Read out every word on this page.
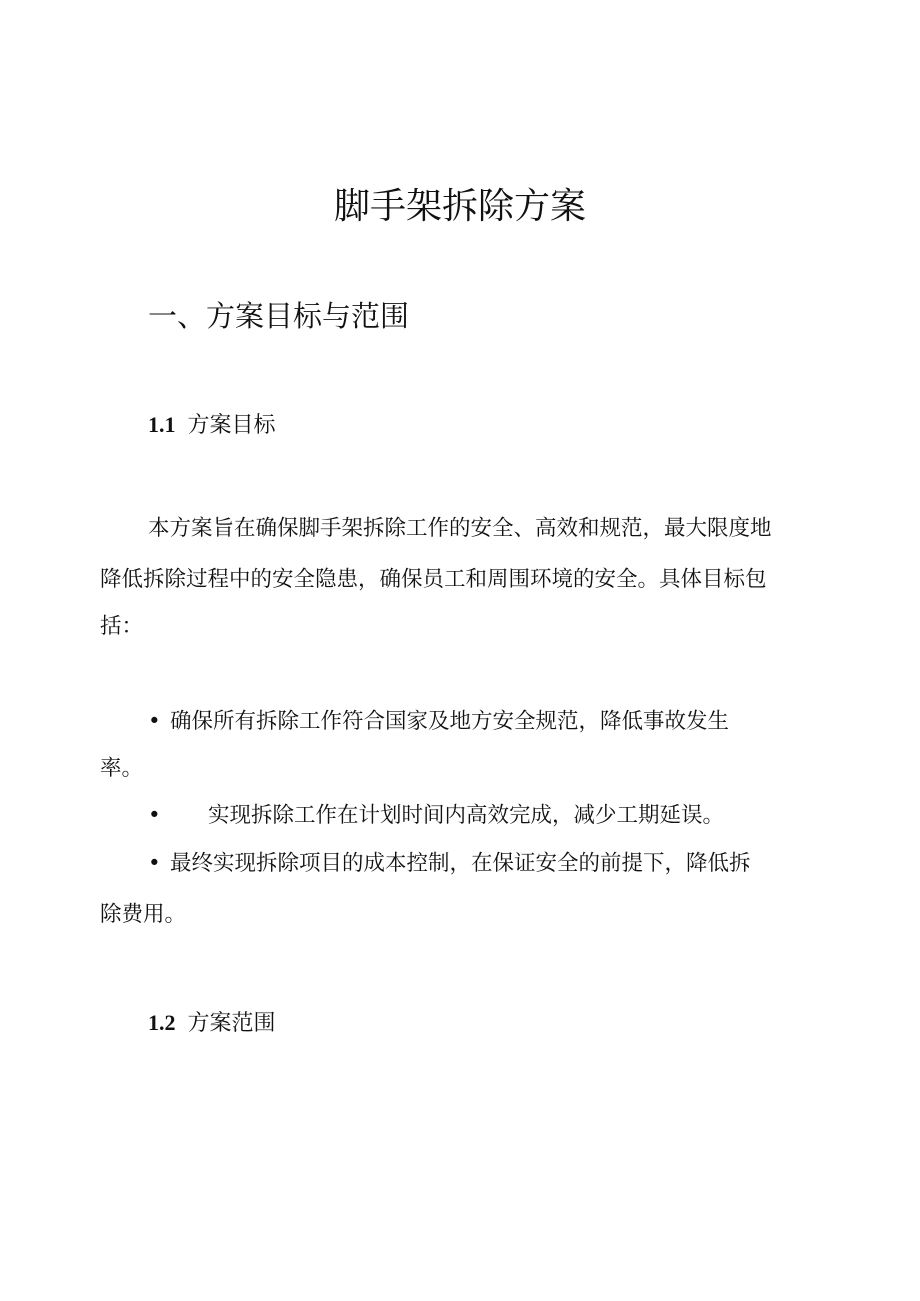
脚手架拆除方案
一、方案目标与范围
1.1 方案目标
本方案旨在确保脚手架拆除工作的安全、高效和规范，最大限度地
降低拆除过程中的安全隐患，确保员工和周围环境的安全。具体目标包
括：
• 确保所有拆除工作符合国家及地方安全规范，降低事故发生
率。
• 实现拆除工作在计划时间内高效完成，减少工期延误。
• 最终实现拆除项目的成本控制，在保证安全的前提下，降低拆
除费用。
1.2 方案范围
